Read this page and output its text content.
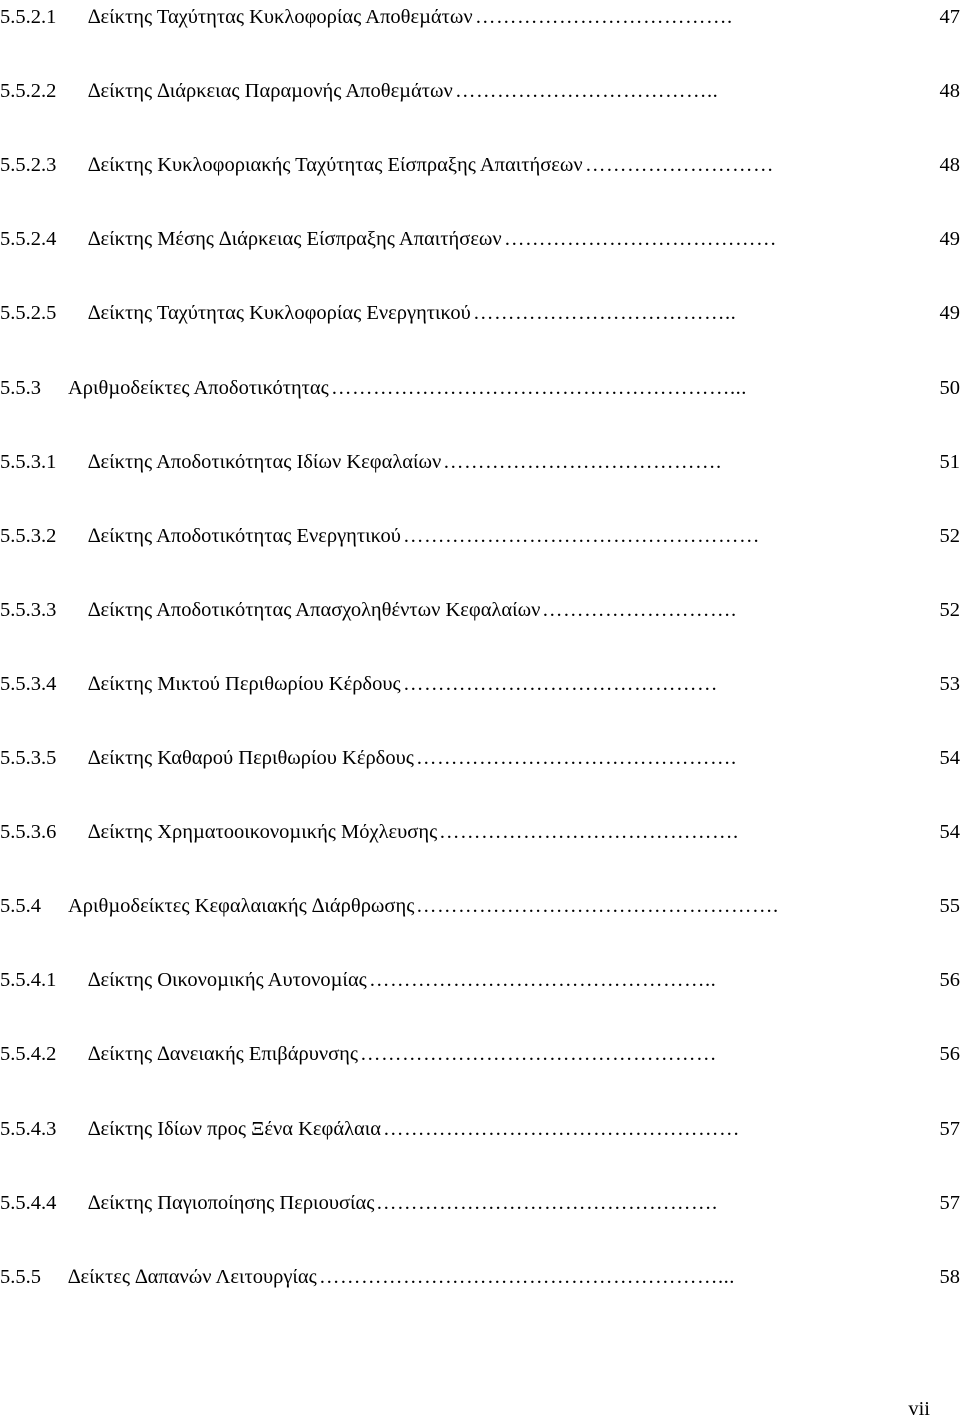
5.5.2.1 ∆είκτης Ταχύτητας Κυκλοφορίας Αποθεµάτων ……………………………….	47
5.5.2.2 ∆είκτης ∆ιάρκειας Παραµονής Αποθεµάτων ………………………………..	48
5.5.2.3 ∆είκτης Κυκλοφοριακής Ταχύτητας Είσπραξης Απαιτήσεων ………………………	48
5.5.2.4 ∆είκτης Μέσης ∆ιάρκειας Είσπραξης Απαιτήσεων …………………………………	49
5.5.2.5 ∆είκτης Ταχύτητας Κυκλοφορίας Ενεργητικού ………………………………..	49
5.5.3 Αριθµοδείκτες Αποδοτικότητας …………………………………………………...	50
5.5.3.1 ∆είκτης Αποδοτικότητας Ιδίων Κεφαλαίων ………………………………….	51
5.5.3.2 ∆είκτης Αποδοτικότητας Ενεργητικού ……………………………………………	52
5.5.3.3 ∆είκτης Αποδοτικότητας Απασχοληθέντων Κεφαλαίων ……………………….	52
5.5.3.4 ∆είκτης Μικτού Περιθωρίου Κέρδους ………………………………………	53
5.5.3.5 ∆είκτης Καθαρού Περιθωρίου Κέρδους ……………………………………….	54
5.5.3.6 ∆είκτης Χρηµατοοικονοµικής Μόχλευσης …………………………………….	54
5.5.4 Αριθµοδείκτες Κεφαλαιακής ∆ιάρθρωσης …………………………………………….	55
5.5.4.1 ∆είκτης Οικονοµικής Αυτονοµίας …………………………………………..	56
5.5.4.2 ∆είκτης ∆ανειακής Επιβάρυνσης ……………………………………………	56
5.5.4.3 ∆είκτης Ιδίων προς Ξένα Κεφάλαια ……………………………………………	57
5.5.4.4 ∆είκτης Παγιοποίησης Περιουσίας ………………………………………….	57
5.5.5 ∆είκτες ∆απανών Λειτουργίας …………………………………………………...	58
vii
